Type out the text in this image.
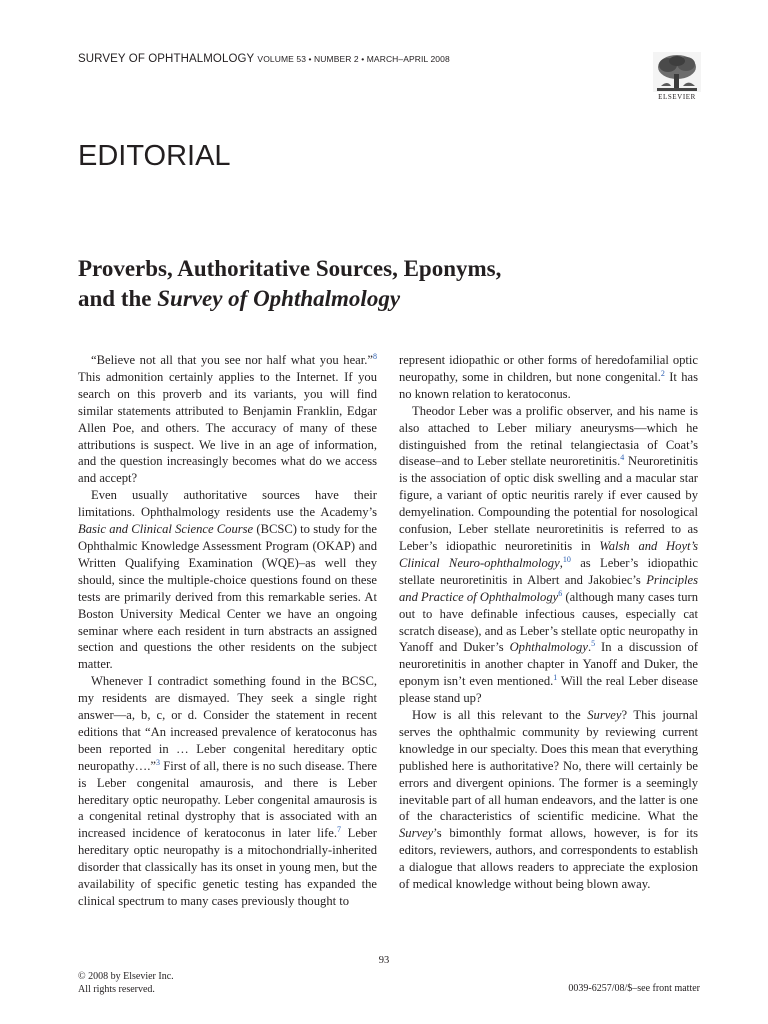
SURVEY OF OPHTHALMOLOGY VOLUME 53 • NUMBER 2 • MARCH–APRIL 2008
ELSEVIER
EDITORIAL
Proverbs, Authoritative Sources, Eponyms,
and the Survey of Ophthalmology

“Believe not all that you see nor half what you hear.”$^8$ This admonition certainly applies to the Internet. If you search on this proverb and its variants, you will find similar statements attributed to Benjamin Franklin, Edgar Allen Poe, and others. The accuracy of many of these attributions is suspect. We live in an age of information, and the question increasingly becomes what do we access and accept?

Even usually authoritative sources have their limitations. Ophthalmology residents use the Academy’s Basic and Clinical Science Course (BCSC) to study for the Ophthalmic Knowledge Assessment Program (OKAP) and Written Qualifying Examination (WQE)–as well they should, since the multiple-choice questions found on these tests are primarily derived from this remarkable series. At Boston University Medical Center we have an ongoing seminar where each resident in turn abstracts an assigned section and questions the other residents on the subject matter.

Whenever I contradict something found in the BCSC, my residents are dismayed. They seek a single right answer—a, b, c, or d. Consider the statement in recent editions that “An increased prevalence of keratoconus has been reported in … Leber congenital hereditary optic neuropathy….”$^3$ First of all, there is no such disease. There is Leber congenital amaurosis, and there is Leber hereditary optic neuropathy. Leber congenital amaurosis is a congenital retinal dystrophy that is associated with an increased incidence of keratoconus in later life.$^7$ Leber hereditary optic neuropathy is a mitochondrially-inherited disorder that classically has its onset in young men, but the availability of specific genetic testing has expanded the clinical spectrum to many cases previously thought to

represent idiopathic or other forms of heredofamilial optic neuropathy, some in children, but none congenital.$^2$ It has no known relation to keratoconus.

Theodor Leber was a prolific observer, and his name is also attached to Leber miliary aneurysms—which he distinguished from the retinal telangiectasia of Coat’s disease–and to Leber stellate neuroretinitis.$^4$ Neuroretinitis is the association of optic disk swelling and a macular star figure, a variant of optic neuritis rarely if ever caused by demyelination. Compounding the potential for nosological confusion, Leber stellate neuroretinitis is referred to as Leber’s idiopathic neuroretinitis in Walsh and Hoyt’s Clinical Neuro-ophthalmology,$^{10}$ as Leber’s idiopathic stellate neuroretinitis in Albert and Jakobiec’s Principles and Practice of Ophthalmology$^6$ (although many cases turn out to have definable infectious causes, especially cat scratch disease), and as Leber’s stellate optic neuropathy in Yanoff and Duker’s Ophthalmology.$^5$ In a discussion of neuroretinitis in another chapter in Yanoff and Duker, the eponym isn’t even mentioned.$^1$ Will the real Leber disease please stand up?

How is all this relevant to the Survey? This journal serves the ophthalmic community by reviewing current knowledge in our specialty. Does this mean that everything published here is authoritative? No, there will certainly be errors and divergent opinions. The former is a seemingly inevitable part of all human endeavors, and the latter is one of the characteristics of scientific medicine. What the Survey’s bimonthly format allows, however, is for its editors, reviewers, authors, and correspondents to establish a dialogue that allows readers to appreciate the explosion of medical knowledge without being blown away.

93
© 2008 by Elsevier Inc.
All rights reserved.	0039-6257/08/$–see front matter
